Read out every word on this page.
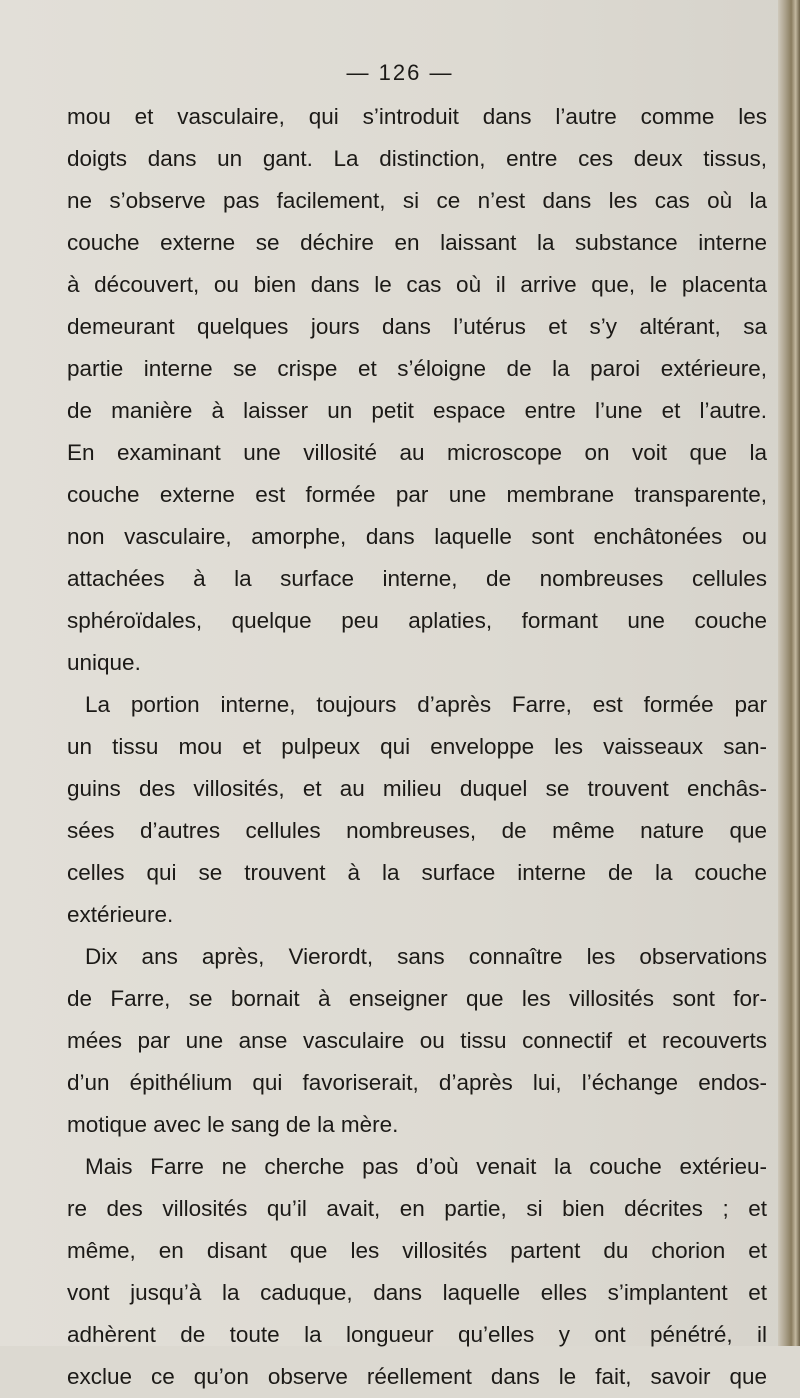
— 126 —
mou et vasculaire, qui s’introduit dans l’autre comme les
doigts dans un gant. La distinction, entre ces deux tissus,
ne s’observe pas facilement, si ce n’est dans les cas où la
couche externe se déchire en laissant la substance interne
à découvert, ou bien dans le cas où il arrive que, le placenta
demeurant quelques jours dans l’utérus et s’y altérant, sa
partie interne se crispe et s’éloigne de la paroi extérieure,
de manière à laisser un petit espace entre l’une et l’autre.
En examinant une villosité au microscope on voit que la
couche externe est formée par une membrane transparente,
non vasculaire, amorphe, dans laquelle sont enchâtonées ou
attachées à la surface interne, de nombreuses cellules
sphéroïdales, quelque peu aplaties, formant une couche
unique.
La portion interne, toujours d’après Farre, est formée par
un tissu mou et pulpeux qui enveloppe les vaisseaux san-
guins des villosités, et au milieu duquel se trouvent enchâs-
sées d’autres cellules nombreuses, de même nature que
celles qui se trouvent à la surface interne de la couche
extérieure.
Dix ans après, Vierordt, sans connaître les observations
de Farre, se bornait à enseigner que les villosités sont for-
mées par une anse vasculaire ou tissu connectif et recouverts
d’un épithélium qui favoriserait, d’après lui, l’échange endos-
motique avec le sang de la mère.
Mais Farre ne cherche pas d’où venait la couche extérieu-
re des villosités qu’il avait, en partie, si bien décrites ; et
même, en disant que les villosités partent du chorion et
vont jusqu’à la caduque, dans laquelle elles s’implantent et
adhèrent de toute la longueur qu’elles y ont pénétré, il
exclue ce qu’on observe réellement dans le fait, savoir que
